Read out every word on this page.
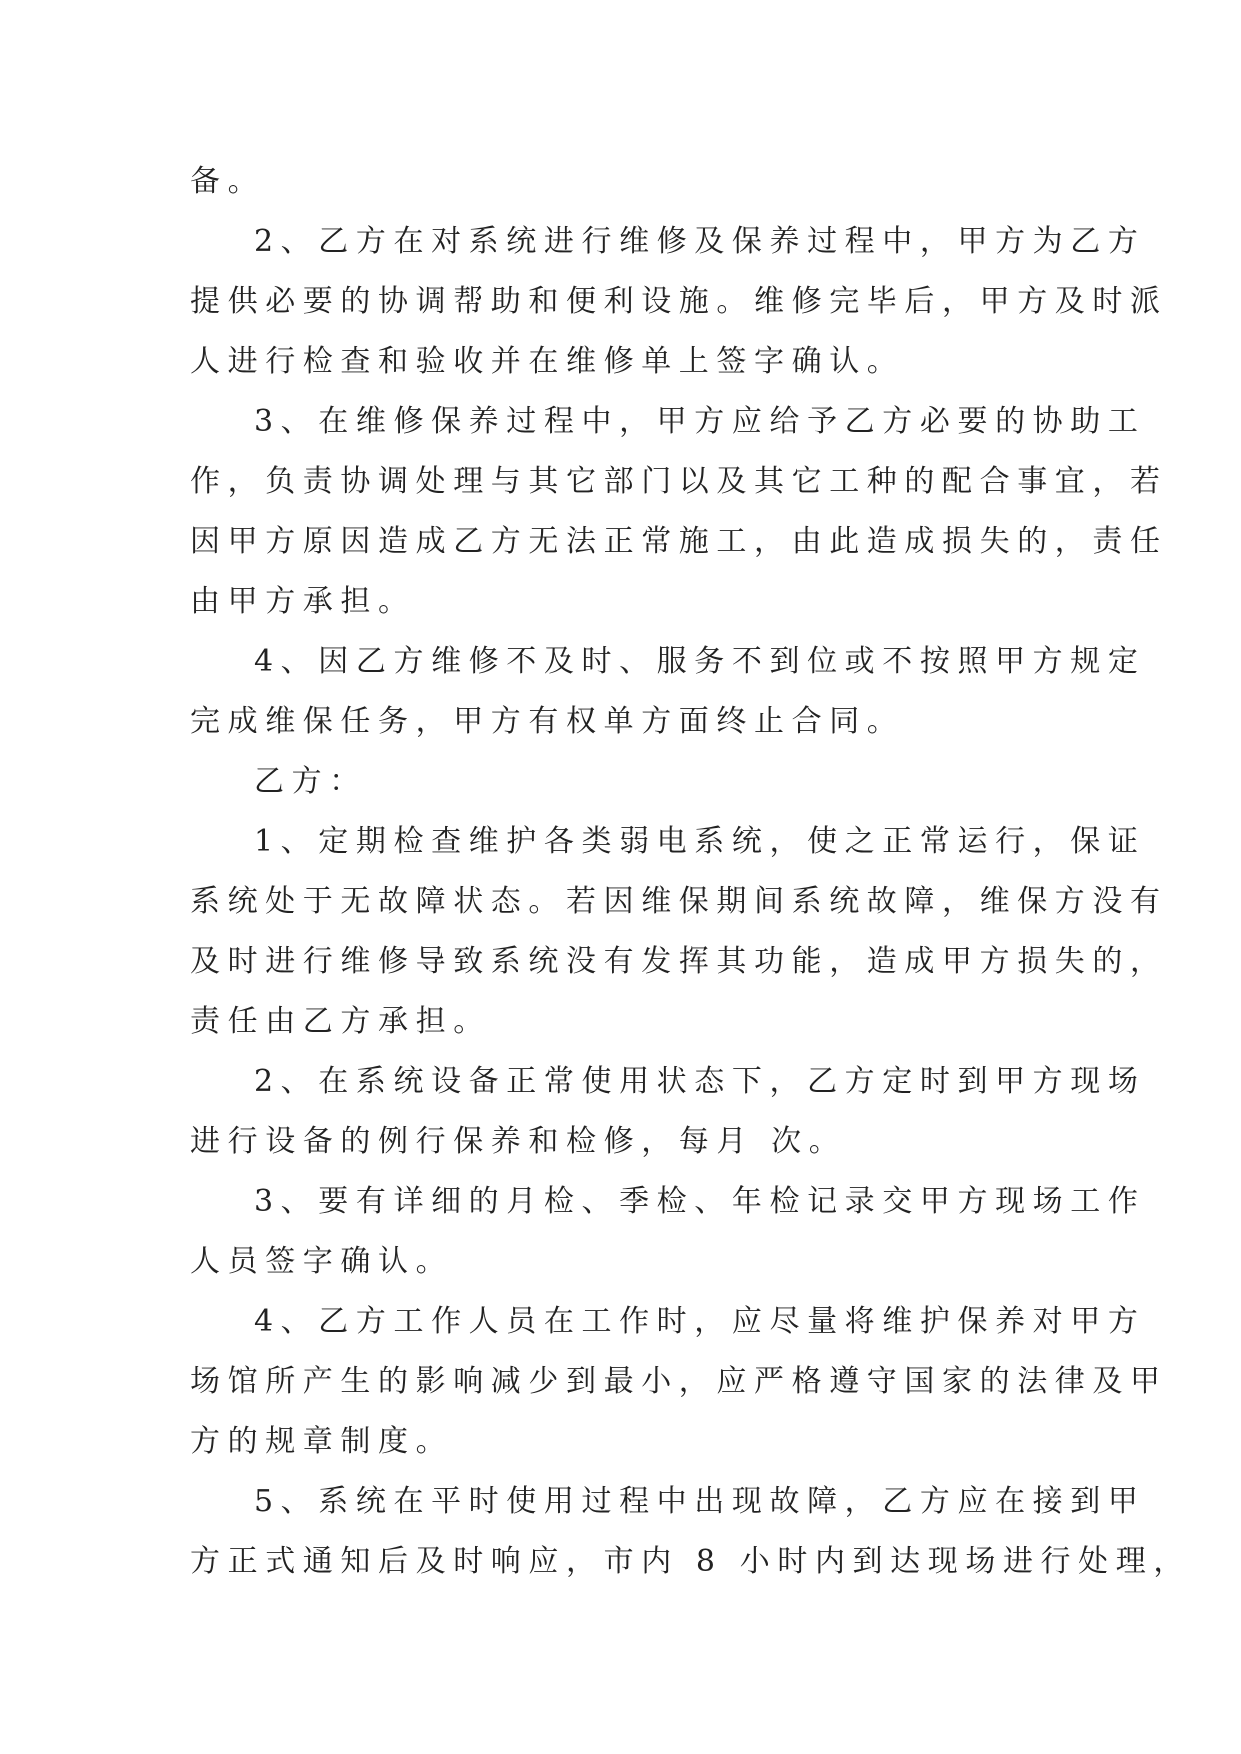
备。
2、乙方在对系统进行维修及保养过程中，甲方为乙方
提供必要的协调帮助和便利设施。维修完毕后，甲方及时派
人进行检查和验收并在维修单上签字确认。
3、在维修保养过程中，甲方应给予乙方必要的协助工
作，负责协调处理与其它部门以及其它工种的配合事宜，若
因甲方原因造成乙方无法正常施工，由此造成损失的，责任
由甲方承担。
4、因乙方维修不及时、服务不到位或不按照甲方规定
完成维保任务，甲方有权单方面终止合同。
乙方：
1、定期检查维护各类弱电系统，使之正常运行，保证
系统处于无故障状态。若因维保期间系统故障，维保方没有
及时进行维修导致系统没有发挥其功能，造成甲方损失的，
责任由乙方承担。
2、在系统设备正常使用状态下，乙方定时到甲方现场
进行设备的例行保养和检修，每月 次。
3、要有详细的月检、季检、年检记录交甲方现场工作
人员签字确认。
4、乙方工作人员在工作时，应尽量将维护保养对甲方
场馆所产生的影响减少到最小，应严格遵守国家的法律及甲
方的规章制度。
5、系统在平时使用过程中出现故障，乙方应在接到甲
方正式通知后及时响应，市内 8 小时内到达现场进行处理，
